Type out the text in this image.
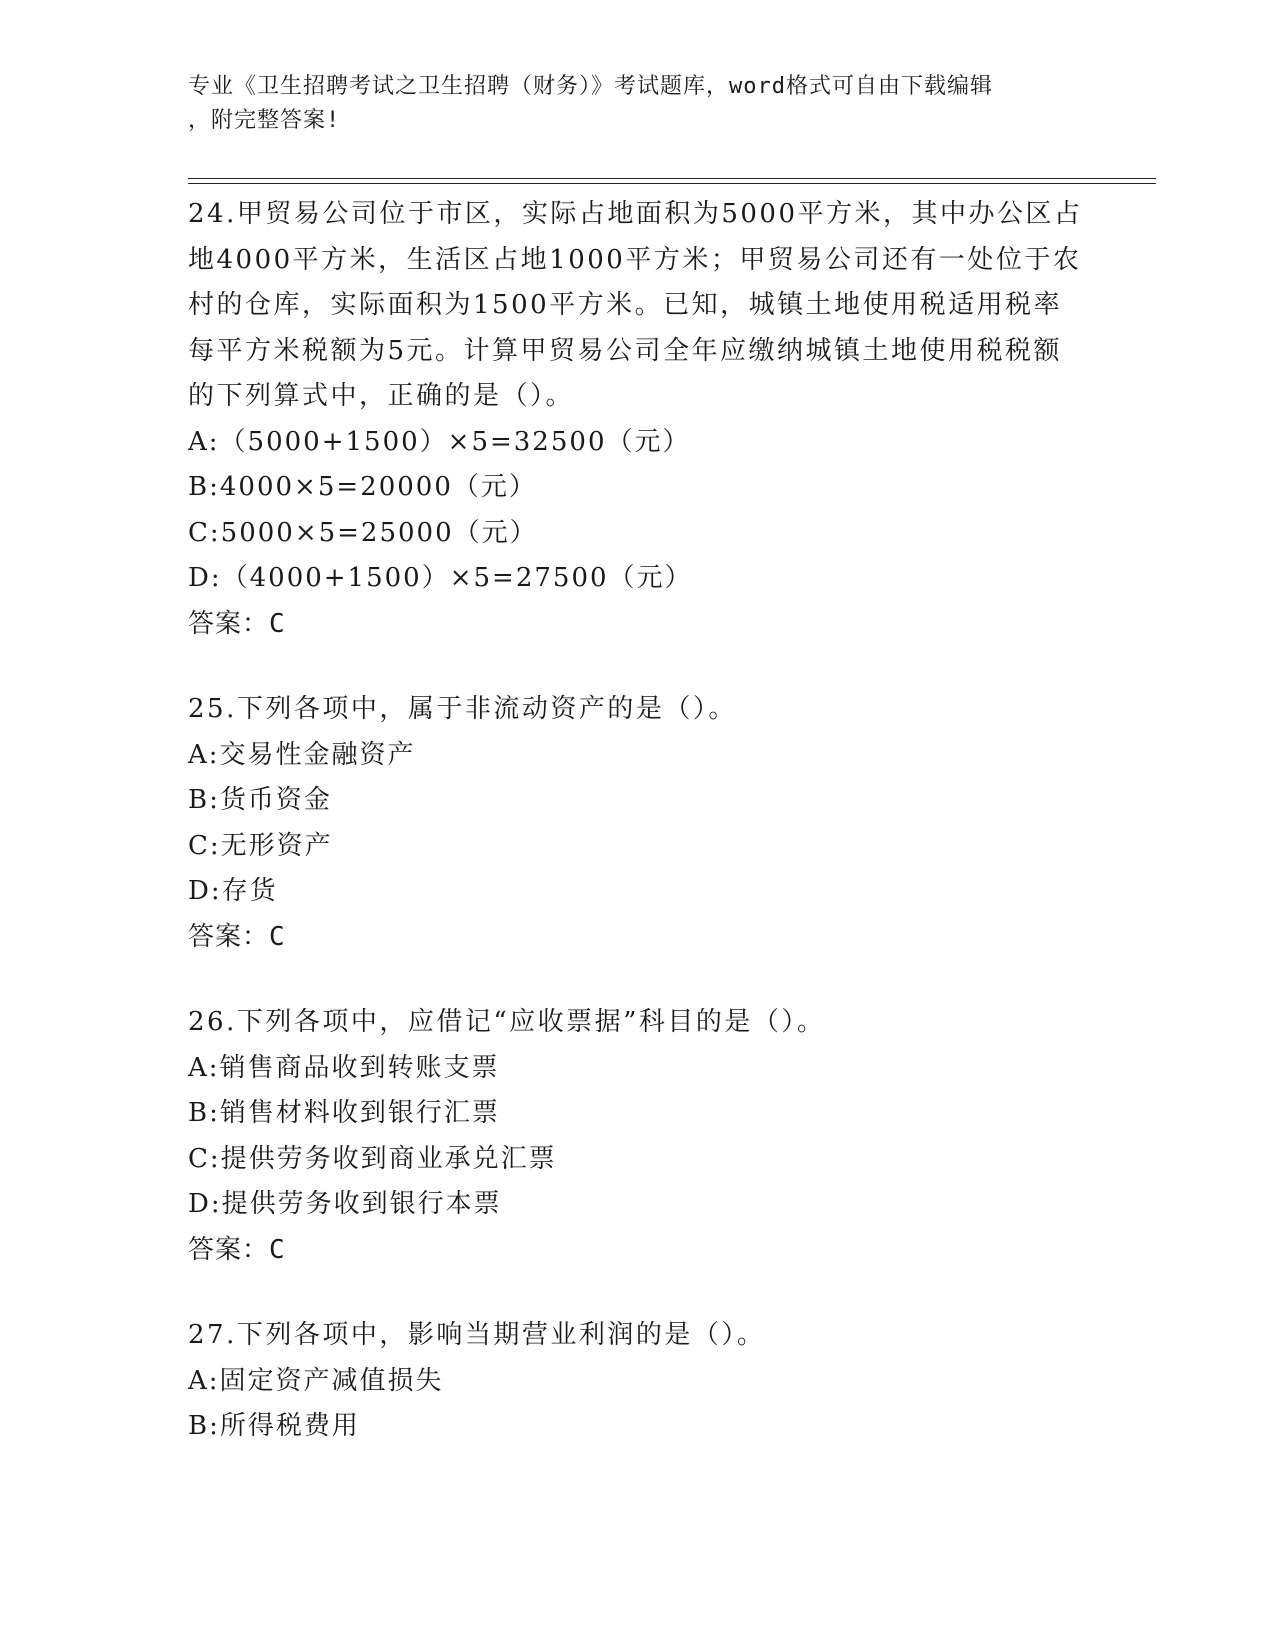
专业《卫生招聘考试之卫生招聘（财务）》考试题库，word格式可自由下载编辑
，附完整答案!
24.甲贸易公司位于市区，实际占地面积为5000平方米，其中办公区占地4000平方米，生活区占地1000平方米；甲贸易公司还有一处位于农村的仓库，实际面积为1500平方米。已知，城镇土地使用税适用税率每平方米税额为5元。计算甲贸易公司全年应缴纳城镇土地使用税税额的下列算式中，正确的是（）。
A:（5000+1500）×5=32500（元）
B:4000×5=20000（元）
C:5000×5=25000（元）
D:（4000+1500）×5=27500（元）
答案：C
25.下列各项中，属于非流动资产的是（）。
A:交易性金融资产
B:货币资金
C:无形资产
D:存货
答案：C
26.下列各项中，应借记“应收票据”科目的是（）。
A:销售商品收到转账支票
B:销售材料收到银行汇票
C:提供劳务收到商业承兑汇票
D:提供劳务收到银行本票
答案：C
27.下列各项中，影响当期营业利润的是（）。
A:固定资产减值损失
B:所得税费用
